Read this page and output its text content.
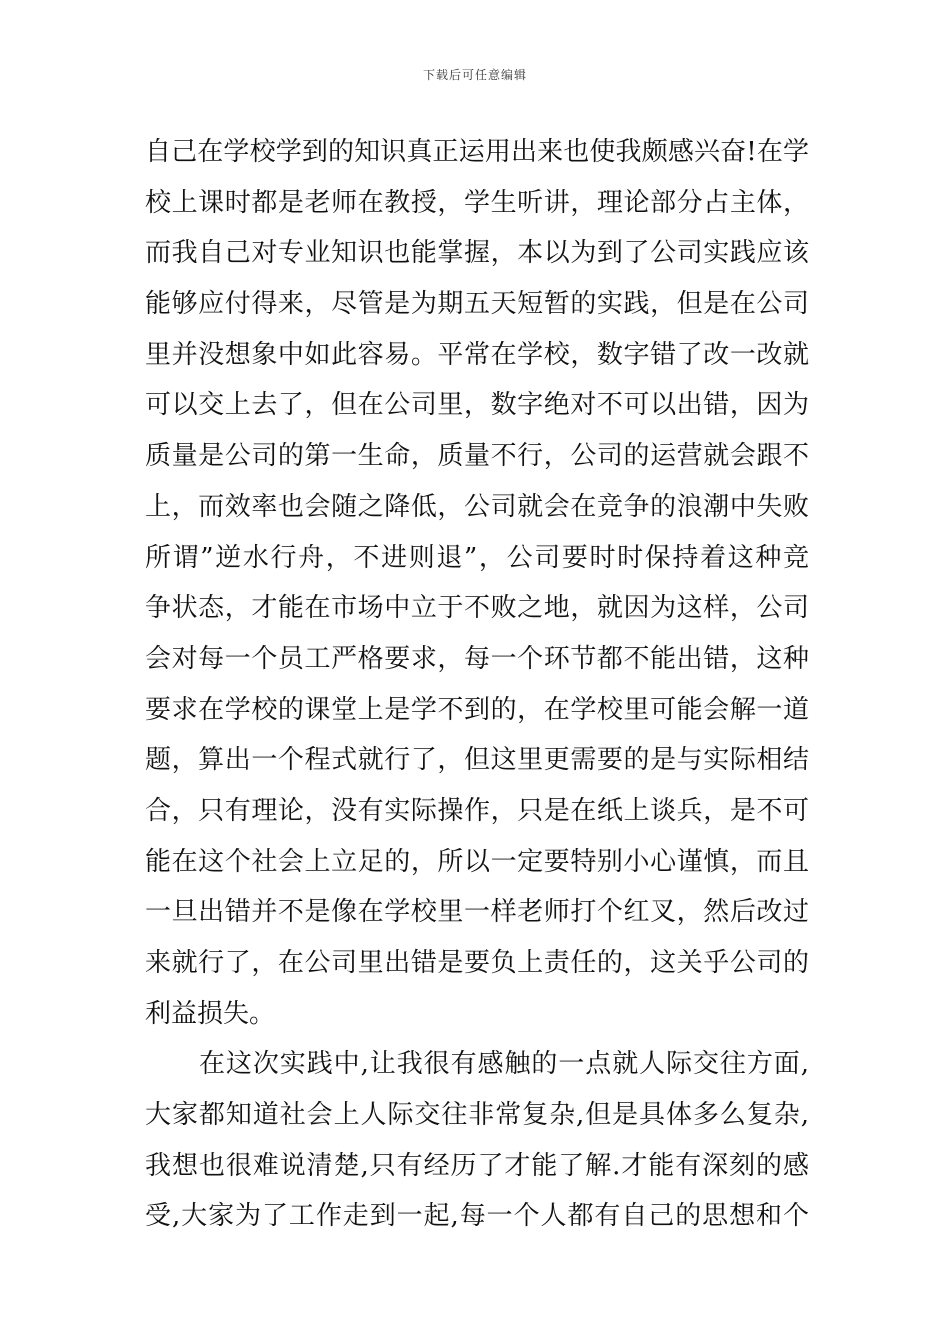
下载后可任意编辑
自己在学校学到的知识真正运用出来也使我颇感兴奋!在学
校上课时都是老师在教授，学生听讲，理论部分占主体，
而我自己对专业知识也能掌握，本以为到了公司实践应该
能够应付得来，尽管是为期五天短暂的实践，但是在公司
里并没想象中如此容易。平常在学校，数字错了改一改就
可以交上去了，但在公司里，数字绝对不可以出错，因为
质量是公司的第一生命，质量不行，公司的运营就会跟不
上，而效率也会随之降低，公司就会在竞争的浪潮中失败
所谓”逆水行舟，不进则退”，公司要时时保持着这种竞
争状态，才能在市场中立于不败之地，就因为这样，公司
会对每一个员工严格要求，每一个环节都不能出错，这种
要求在学校的课堂上是学不到的，在学校里可能会解一道
题，算出一个程式就行了，但这里更需要的是与实际相结
合，只有理论，没有实际操作，只是在纸上谈兵，是不可
能在这个社会上立足的，所以一定要特别小心谨慎，而且
一旦出错并不是像在学校里一样老师打个红叉，然后改过
来就行了，在公司里出错是要负上责任的，这关乎公司的
利益损失。
在这次实践中,让我很有感触的一点就人际交往方面,
大家都知道社会上人际交往非常复杂,但是具体多么复杂,
我想也很难说清楚,只有经历了才能了解.才能有深刻的感
受,大家为了工作走到一起,每一个人都有自己的思想和个
